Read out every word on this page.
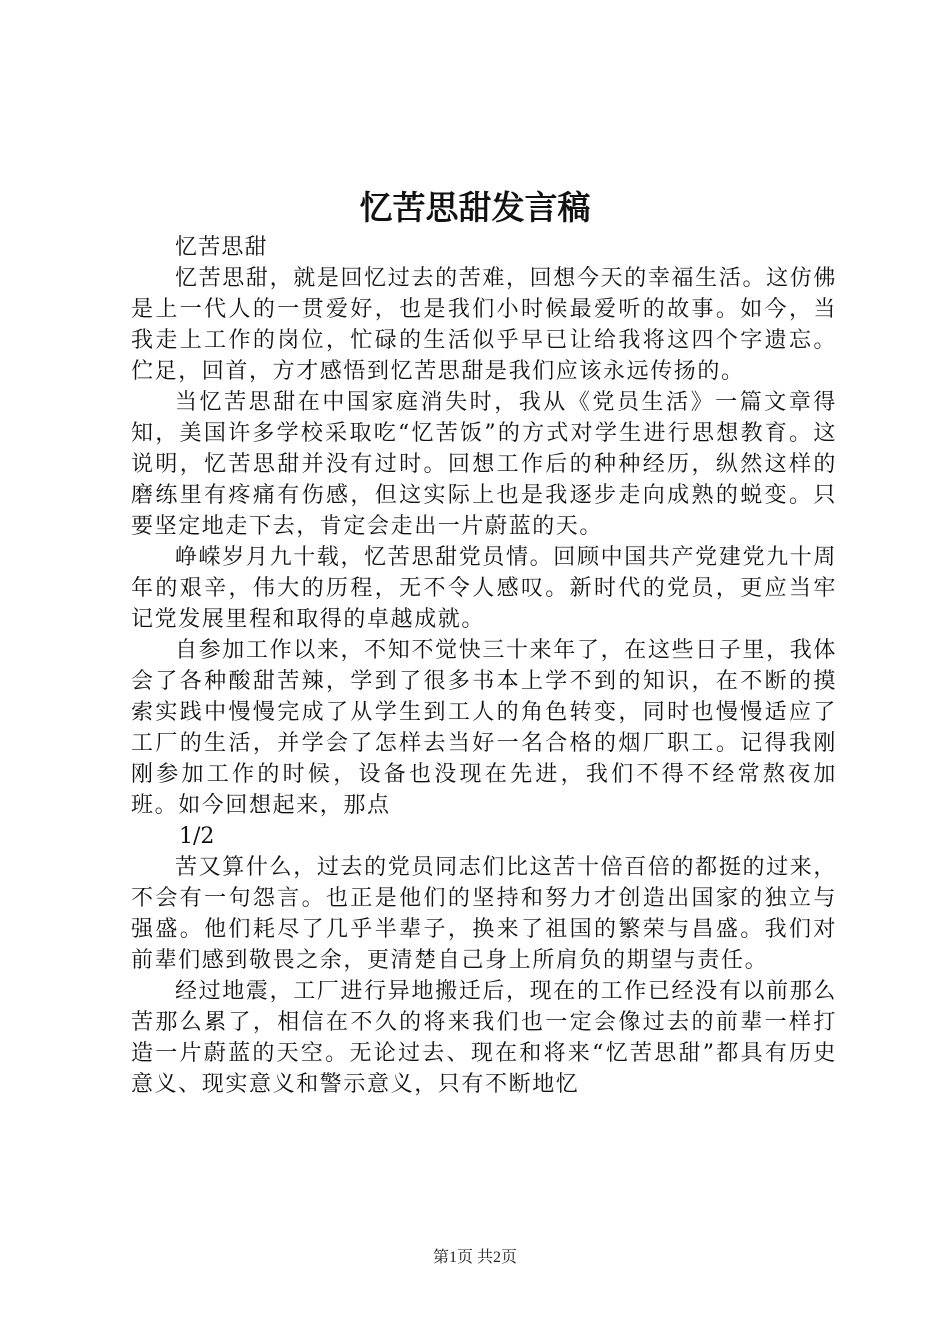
忆苦思甜发言稿

忆苦思甜

忆苦思甜，就是回忆过去的苦难，回想今天的幸福生活。这仿佛是上一代人的一贯爱好，也是我们小时候最爱听的故事。如今，当我走上工作的岗位，忙碌的生活似乎早已让给我将这四个字遗忘。伫足，回首，方才感悟到忆苦思甜是我们应该永远传扬的。

当忆苦思甜在中国家庭消失时，我从《党员生活》一篇文章得知，美国许多学校采取吃“忆苦饭”的方式对学生进行思想教育。这说明，忆苦思甜并没有过时。回想工作后的种种经历，纵然这样的磨练里有疼痛有伤感，但这实际上也是我逐步走向成熟的蜕变。只要坚定地走下去，肯定会走出一片蔚蓝的天。

峥嵘岁月九十载，忆苦思甜党员情。回顾中国共产党建党九十周年的艰辛，伟大的历程，无不令人感叹。新时代的党员，更应当牢记党发展里程和取得的卓越成就。

自参加工作以来，不知不觉快三十来年了，在这些日子里，我体会了各种酸甜苦辣，学到了很多书本上学不到的知识，在不断的摸索实践中慢慢完成了从学生到工人的角色转变，同时也慢慢适应了工厂的生活，并学会了怎样去当好一名合格的烟厂职工。记得我刚刚参加工作的时候，设备也没现在先进，我们不得不经常熬夜加班。如今回想起来，那点

1/2

苦又算什么，过去的党员同志们比这苦十倍百倍的都挺的过来，不会有一句怨言。也正是他们的坚持和努力才创造出国家的独立与强盛。他们耗尽了几乎半辈子，换来了祖国的繁荣与昌盛。我们对前辈们感到敬畏之余，更清楚自己身上所肩负的期望与责任。

经过地震，工厂进行异地搬迁后，现在的工作已经没有以前那么苦那么累了，相信在不久的将来我们也一定会像过去的前辈一样打造一片蔚蓝的天空。无论过去、现在和将来“忆苦思甜”都具有历史意义、现实意义和警示意义，只有不断地忆

第1页 共2页
